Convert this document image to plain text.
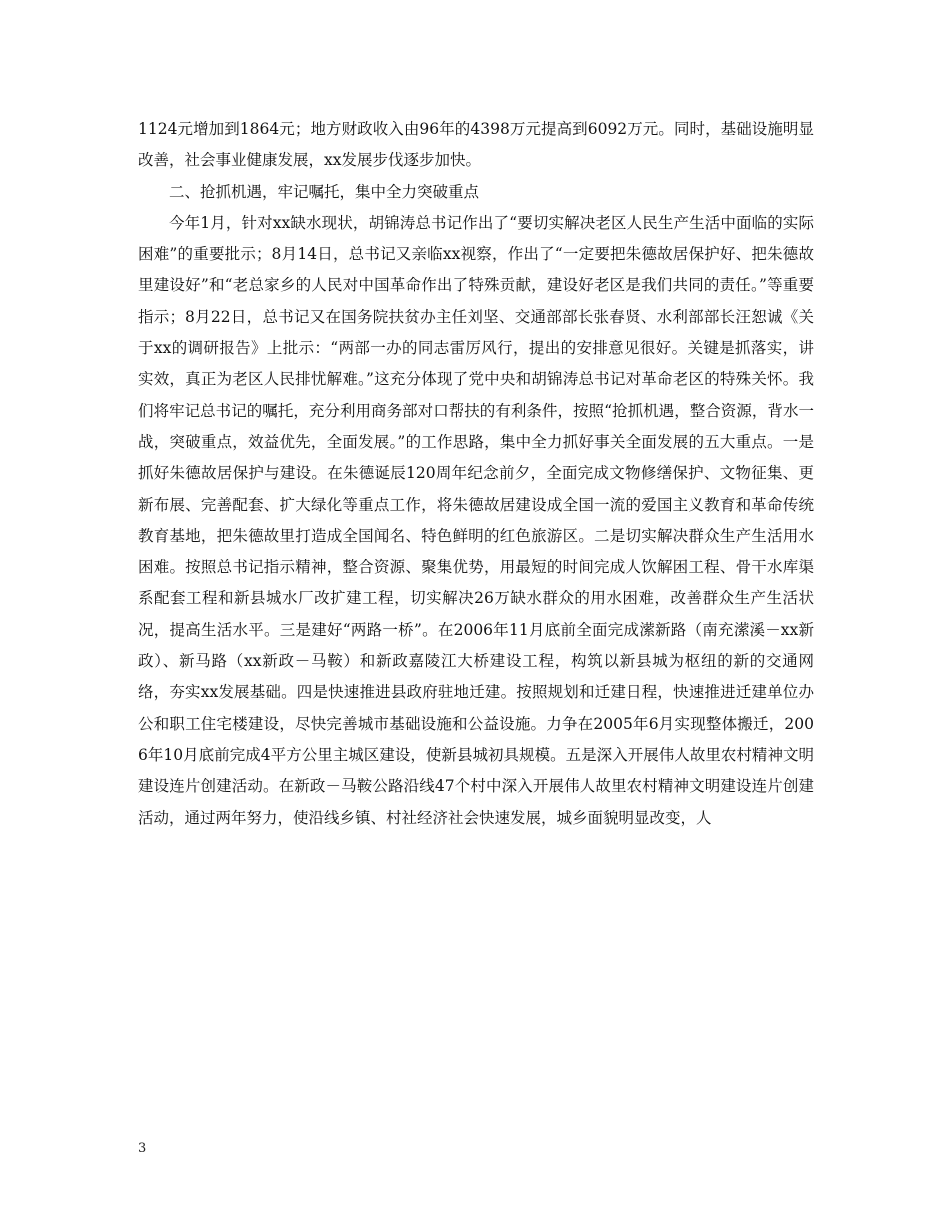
1124元增加到1864元；地方财政收入由96年的4398万元提高到6092万元。同时，基础设施明显改善，社会事业健康发展，xx发展步伐逐步加快。

二、抢抓机遇，牢记嘱托，集中全力突破重点

今年1月，针对xx缺水现状，胡锦涛总书记作出了“要切实解决老区人民生产生活中面临的实际困难”的重要批示；8月14日，总书记又亲临xx视察，作出了“一定要把朱德故居保护好、把朱德故里建设好”和“老总家乡的人民对中国革命作出了特殊贡献，建设好老区是我们共同的责任。”等重要指示；8月22日，总书记又在国务院扶贫办主任刘坚、交通部部长张春贤、水利部部长汪恕诚《关于xx的调研报告》上批示：“两部一办的同志雷厉风行，提出的安排意见很好。关键是抓落实，讲实效，真正为老区人民排忧解难。”这充分体现了党中央和胡锦涛总书记对革命老区的特殊关怀。我们将牢记总书记的嘱托，充分利用商务部对口帮扶的有利条件，按照“抢抓机遇，整合资源，背水一战，突破重点，效益优先，全面发展。”的工作思路，集中全力抓好事关全面发展的五大重点。一是抓好朱德故居保护与建设。在朱德诞辰120周年纪念前夕，全面完成文物修缮保护、文物征集、更新布展、完善配套、扩大绿化等重点工作，将朱德故居建设成全国一流的爱国主义教育和革命传统教育基地，把朱德故里打造成全国闻名、特色鲜明的红色旅游区。二是切实解决群众生产生活用水困难。按照总书记指示精神，整合资源、聚集优势，用最短的时间完成人饮解困工程、骨干水库渠系配套工程和新县城水厂改扩建工程，切实解决26万缺水群众的用水困难，改善群众生产生活状况，提高生活水平。三是建好“两路一桥”。在2006年11月底前全面完成潆新路（南充潆溪－xx新政）、新马路（xx新政－马鞍）和新政嘉陵江大桥建设工程，构筑以新县城为枢纽的新的交通网络，夯实xx发展基础。四是快速推进县政府驻地迁建。按照规划和迁建日程，快速推进迁建单位办公和职工住宅楼建设，尽快完善城市基础设施和公益设施。力争在2005年6月实现整体搬迁，2006年10月底前完成4平方公里主城区建设，使新县城初具规模。五是深入开展伟人故里农村精神文明建设连片创建活动。在新政－马鞍公路沿线47个村中深入开展伟人故里农村精神文明建设连片创建活动，通过两年努力，使沿线乡镇、村社经济社会快速发展，城乡面貌明显改变，人

3
